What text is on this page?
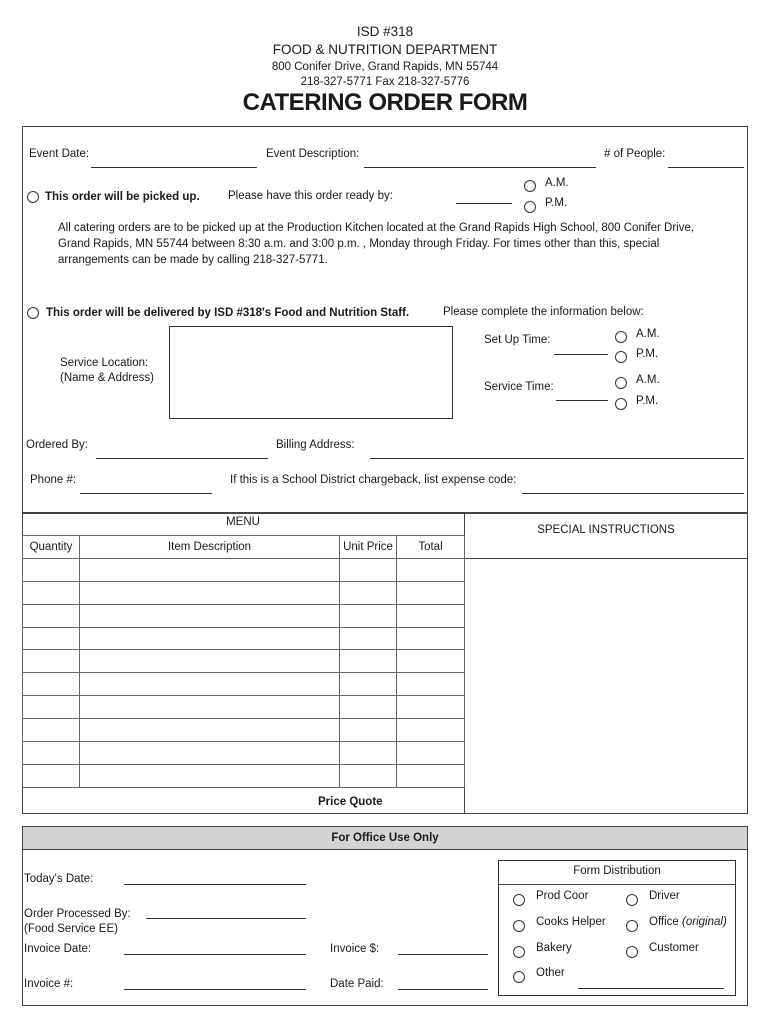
ISD #318
FOOD & NUTRITION DEPARTMENT
800 Conifer Drive, Grand Rapids, MN 55744
218-327-5771 Fax 218-327-5776
CATERING ORDER FORM
Event Date:	Event Description:	# of People:
This order will be picked up. Please have this order ready by:
A.M.
P.M.
All catering orders are to be picked up at the Production Kitchen located at the Grand Rapids High School, 800 Conifer Drive, Grand Rapids, MN 55744 between 8:30 a.m. and 3:00 p.m. , Monday through Friday. For times other than this, special arrangements can be made by calling 218-327-5771.
This order will be delivered by ISD #318's Food and Nutrition Staff.	Please complete the information below:
Service Location:
(Name & Address)
Set Up Time:	A.M.
P.M.
Service Time:
A.M.
P.M.
Ordered By:	Billing Address:
Phone #:	If this is a School District chargeback, list expense code:
MENU
SPECIAL INSTRUCTIONS
Quantity	Item Description	Unit Price	Total

Price Quote
For Office Use Only
Today's Date:
Order Processed By:
(Food Service EE)
Invoice Date:	Invoice $:
Invoice #:	Date Paid:
Form Distribution
Prod Coor	Driver
Cooks Helper	Office (original)
Bakery	Customer
Other
